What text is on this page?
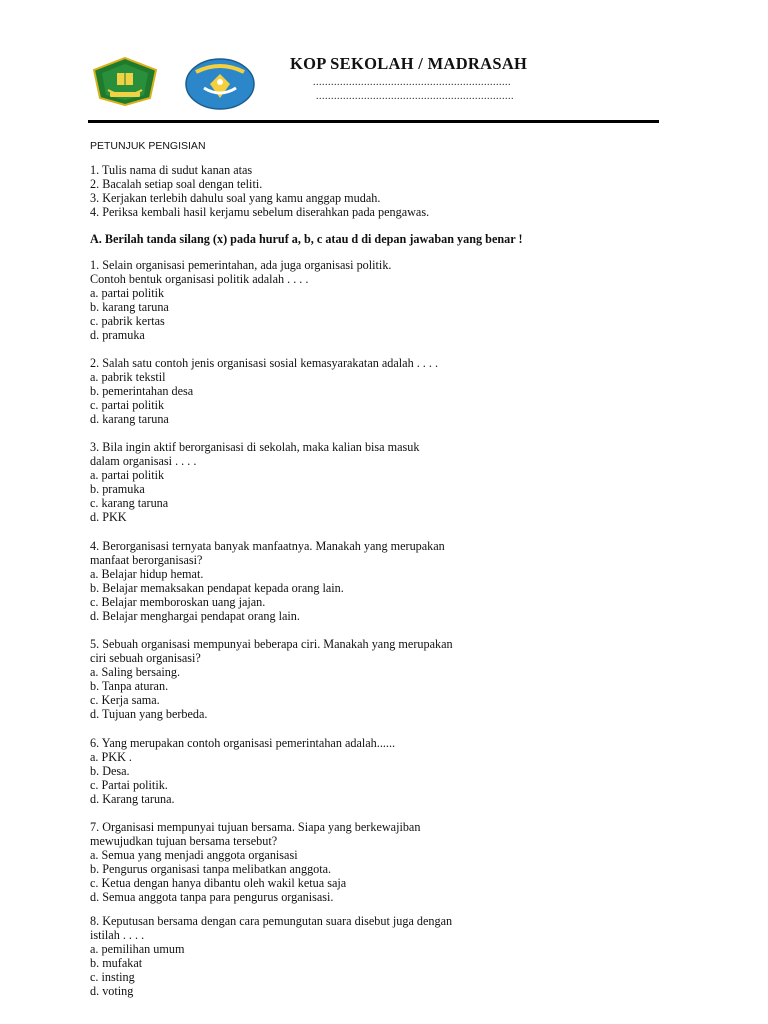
KOP SEKOLAH / MADRASAH
..................................................................
..................................................................
PETUNJUK PENGISIAN
1. Tulis nama di sudut kanan atas
2. Bacalah setiap soal dengan teliti.
3. Kerjakan terlebih dahulu soal yang kamu anggap mudah.
4. Periksa kembali hasil kerjamu sebelum diserahkan pada pengawas.
A. Berilah tanda silang (x) pada huruf a, b, c atau d di depan jawaban yang benar !
1. Selain organisasi pemerintahan, ada juga organisasi politik.
Contoh bentuk organisasi politik adalah . . . .
a. partai politik
b. karang taruna
c. pabrik kertas
d. pramuka
2. Salah satu contoh jenis organisasi sosial kemasyarakatan adalah . . . .
a. pabrik tekstil
b. pemerintahan desa
c. partai politik
d. karang taruna
3. Bila ingin aktif berorganisasi di sekolah, maka kalian bisa masuk
dalam organisasi . . . .
a. partai politik
b. pramuka
c. karang taruna
d. PKK
4. Berorganisasi ternyata banyak manfaatnya. Manakah yang merupakan
manfaat berorganisasi?
a. Belajar hidup hemat.
b. Belajar memaksakan pendapat kepada orang lain.
c. Belajar memboroskan uang jajan.
d. Belajar menghargai pendapat orang lain.
5. Sebuah organisasi mempunyai beberapa ciri. Manakah yang merupakan
ciri sebuah organisasi?
a. Saling bersaing.
b. Tanpa aturan.
c. Kerja sama.
d. Tujuan yang berbeda.
6. Yang merupakan contoh organisasi pemerintahan adalah......
a. PKK .
b. Desa.
c. Partai politik.
d. Karang taruna.
7. Organisasi mempunyai tujuan bersama. Siapa yang berkewajiban
mewujudkan tujuan bersama tersebut?
a. Semua yang menjadi anggota organisasi
b. Pengurus organisasi tanpa melibatkan anggota.
c. Ketua dengan hanya dibantu oleh wakil ketua saja
d. Semua anggota tanpa para pengurus organisasi.
8. Keputusan bersama dengan cara pemungutan suara disebut juga dengan
istilah . . . .
a. pemilihan umum
b. mufakat
c. insting
d. voting
